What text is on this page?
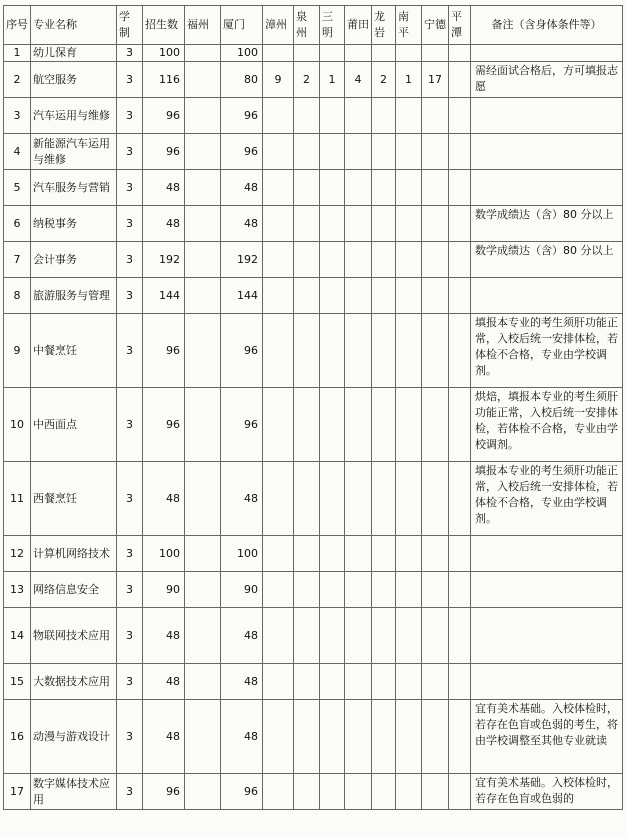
序号	专业名称	学制	招生数	福州	厦门	漳州	泉州	三明	莆田	龙岩	南平	宁德	平潭	备注（含身体条件等）
1	幼儿保育	3	100		100									
2	航空服务	3	116		80	9	2	1	4	2	1	17		需经面试合格后，方可填报志愿
3	汽车运用与维修	3	96		96									
4	新能源汽车运用与维修	3	96		96									
5	汽车服务与营销	3	48		48									
6	纳税事务	3	48		48									数学成绩达（含）80 分以上
7	会计事务	3	192		192									数学成绩达（含）80 分以上
8	旅游服务与管理	3	144		144									
9	中餐烹饪	3	96		96									填报本专业的考生须肝功能正常，入校后统一安排体检，若体检不合格，专业由学校调剂。
10	中西面点	3	96		96									烘焙，填报本专业的考生须肝功能正常，入校后统一安排体检，若体检不合格，专业由学校调剂。
11	西餐烹饪	3	48		48									填报本专业的考生须肝功能正常，入校后统一安排体检，若体检不合格，专业由学校调剂。
12	计算机网络技术	3	100		100									
13	网络信息安全	3	90		90									
14	物联网技术应用	3	48		48									
15	大数据技术应用	3	48		48									
16	动漫与游戏设计	3	48		48									宜有美术基础。入校体检时，若存在色盲或色弱的考生，将由学校调整至其他专业就读
17	数字媒体技术应用	3	96		96									宜有美术基础。入校体检时，若存在色盲或色弱的
